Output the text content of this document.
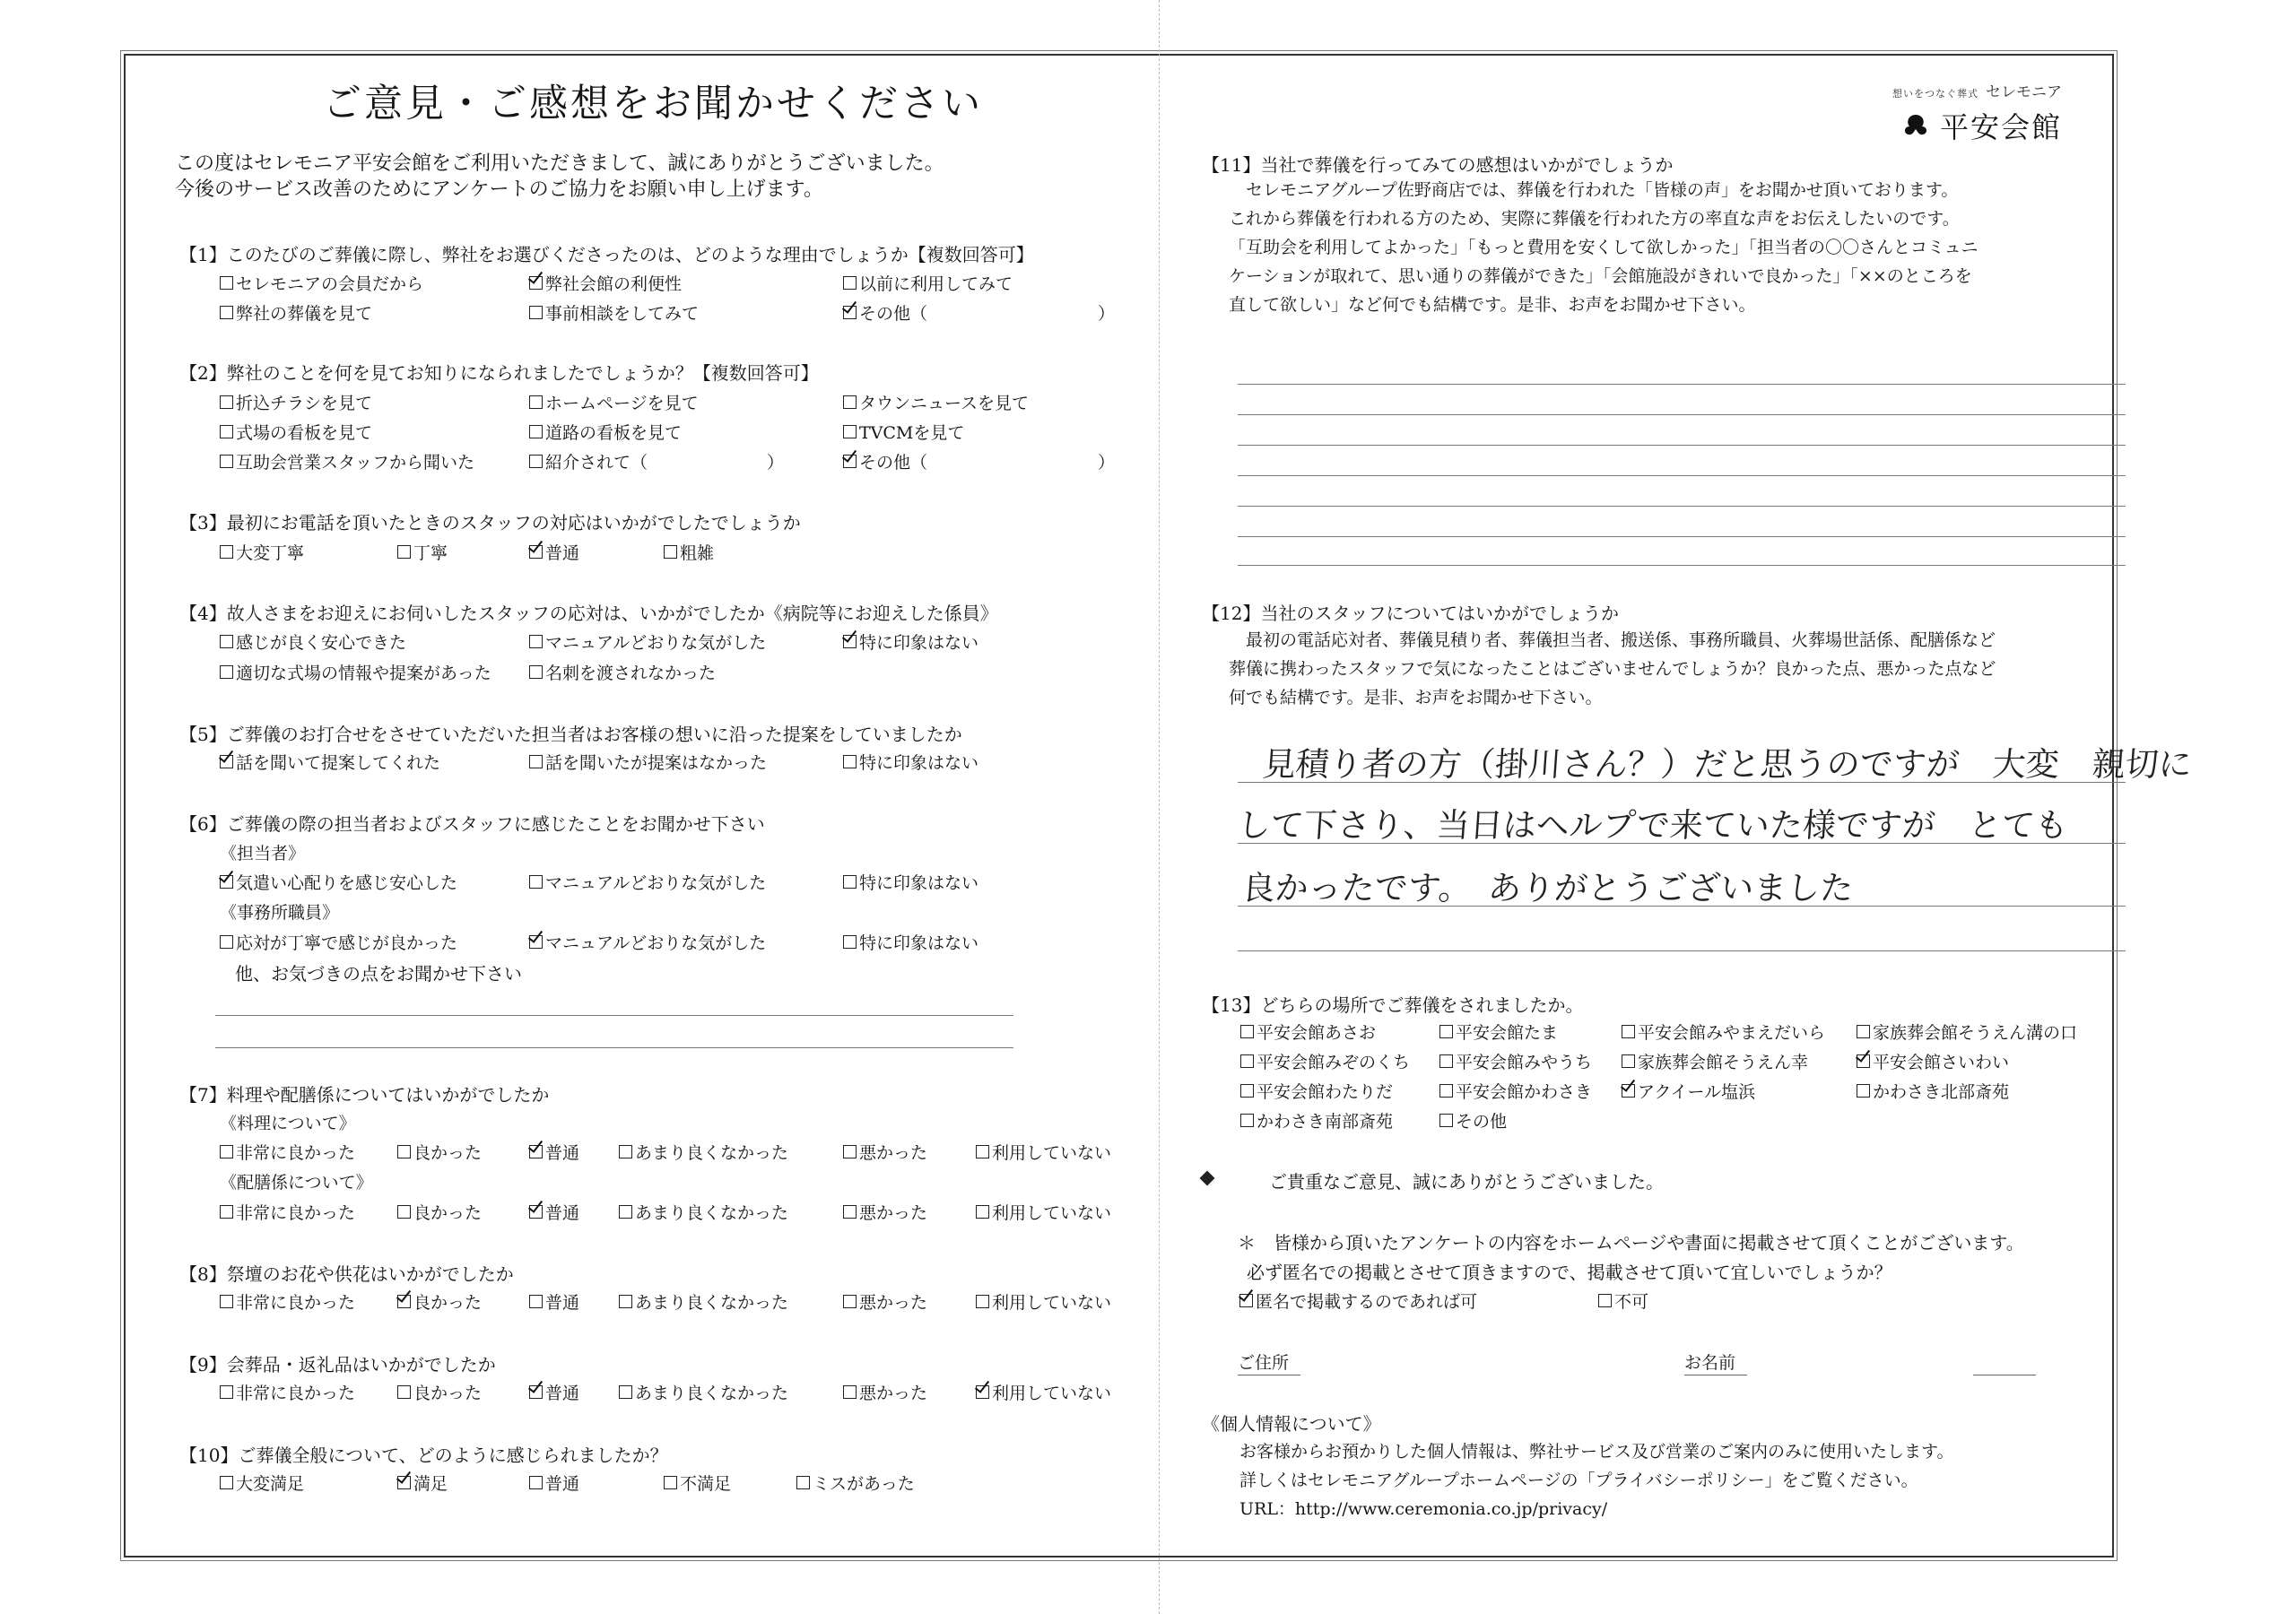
ご意見・ご感想をお聞かせください	想いをつなぐ葬式 セレモニア
平安会館
この度はセレモニア平安会館をご利用いただきまして、誠にありがとうございました。
今後のサービス改善のためにアンケートのご協力をお願い申し上げます。
【1】このたびのご葬儀に際し、弊社をお選びくださったのは、どのような理由でしょうか【複数回答可】
セレモニアの会員だから	弊社会館の利便性	以前に利用してみて
弊社の葬儀を見て	事前相談をしてみて	その他（　　　　　　　　　　）
【2】弊社のことを何を見てお知りになられましたでしょうか？【複数回答可】
折込チラシを見て	ホームページを見て	タウンニュースを見て
式場の看板を見て	道路の看板を見て	TVCMを見て
互助会営業スタッフから聞いた	紹介されて（　　　　　　　）	その他（　　　　　　　　　　）
【3】最初にお電話を頂いたときのスタッフの対応はいかがでしたでしょうか
大変丁寧	丁寧	普通	粗雑
【4】故人さまをお迎えにお伺いしたスタッフの応対は、いかがでしたか《病院等にお迎えした係員》
感じが良く安心できた	マニュアルどおりな気がした	特に印象はない
適切な式場の情報や提案があった	名刺を渡されなかった
【5】ご葬儀のお打合せをさせていただいた担当者はお客様の想いに沿った提案をしていましたか
話を聞いて提案してくれた	話を聞いたが提案はなかった	特に印象はない
【6】ご葬儀の際の担当者およびスタッフに感じたことをお聞かせ下さい
《担当者》
気遣い心配りを感じ安心した	マニュアルどおりな気がした	特に印象はない
《事務所職員》
応対が丁寧で感じが良かった	マニュアルどおりな気がした	特に印象はない
他、お気づきの点をお聞かせ下さい
【7】料理や配膳係についてはいかがでしたか
《料理について》
非常に良かった	良かった	普通	あまり良くなかった	悪かった	利用していない
《配膳係について》
非常に良かった	良かった	普通	あまり良くなかった	悪かった	利用していない
【8】祭壇のお花や供花はいかがでしたか
非常に良かった	良かった	普通	あまり良くなかった	悪かった	利用していない
【9】会葬品・返礼品はいかがでしたか
非常に良かった	良かった	普通	あまり良くなかった	悪かった	利用していない
【10】ご葬儀全般について、どのように感じられましたか？
大変満足	満足	普通	不満足	ミスがあった
【11】当社で葬儀を行ってみての感想はいかがでしょうか
　セレモニアグループ佐野商店では、葬儀を行われた「皆様の声」をお聞かせ頂いております。
これから葬儀を行われる方のため、実際に葬儀を行われた方の率直な声をお伝えしたいのです。
「互助会を利用してよかった」「もっと費用を安くして欲しかった」「担当者の〇〇さんとコミュニ
ケーションが取れて、思い通りの葬儀ができた」「会館施設がきれいで良かった」「××のところを
直して欲しい」など何でも結構です。是非、お声をお聞かせ下さい。
【12】当社のスタッフについてはいかがでしょうか
　最初の電話応対者、葬儀見積り者、葬儀担当者、搬送係、事務所職員、火葬場世話係、配膳係など
葬儀に携わったスタッフで気になったことはございませんでしょうか？良かった点、悪かった点など
何でも結構です。是非、お声をお聞かせ下さい。
見積り者の方（掛川さん？）だと思うのですが　大変　親切に
して下さり、当日はヘルプで来ていた様ですが　とても
良かったです。　ありがとうございました
【13】どちらの場所でご葬儀をされましたか。
平安会館あさお	平安会館たま	平安会館みやまえだいら	家族葬会館そうえん溝の口
平安会館みぞのくち	平安会館みやうち	家族葬会館そうえん幸	平安会館さいわい
平安会館わたりだ	平安会館かわさき	アクイール塩浜	かわさき北部斎苑
かわさき南部斎苑	その他
ご貴重なご意見、誠にありがとうございました。
＊　皆様から頂いたアンケートの内容をホームページや書面に掲載させて頂くことがございます。
必ず匿名での掲載とさせて頂きますので、掲載させて頂いて宜しいでしょうか？
匿名で掲載するのであれば可	不可
ご住所	お名前
《個人情報について》
お客様からお預かりした個人情報は、弊社サービス及び営業のご案内のみに使用いたします。
詳しくはセレモニアグループホームページの「プライバシーポリシー」をご覧ください。
URL：http://www.ceremonia.co.jp/privacy/
